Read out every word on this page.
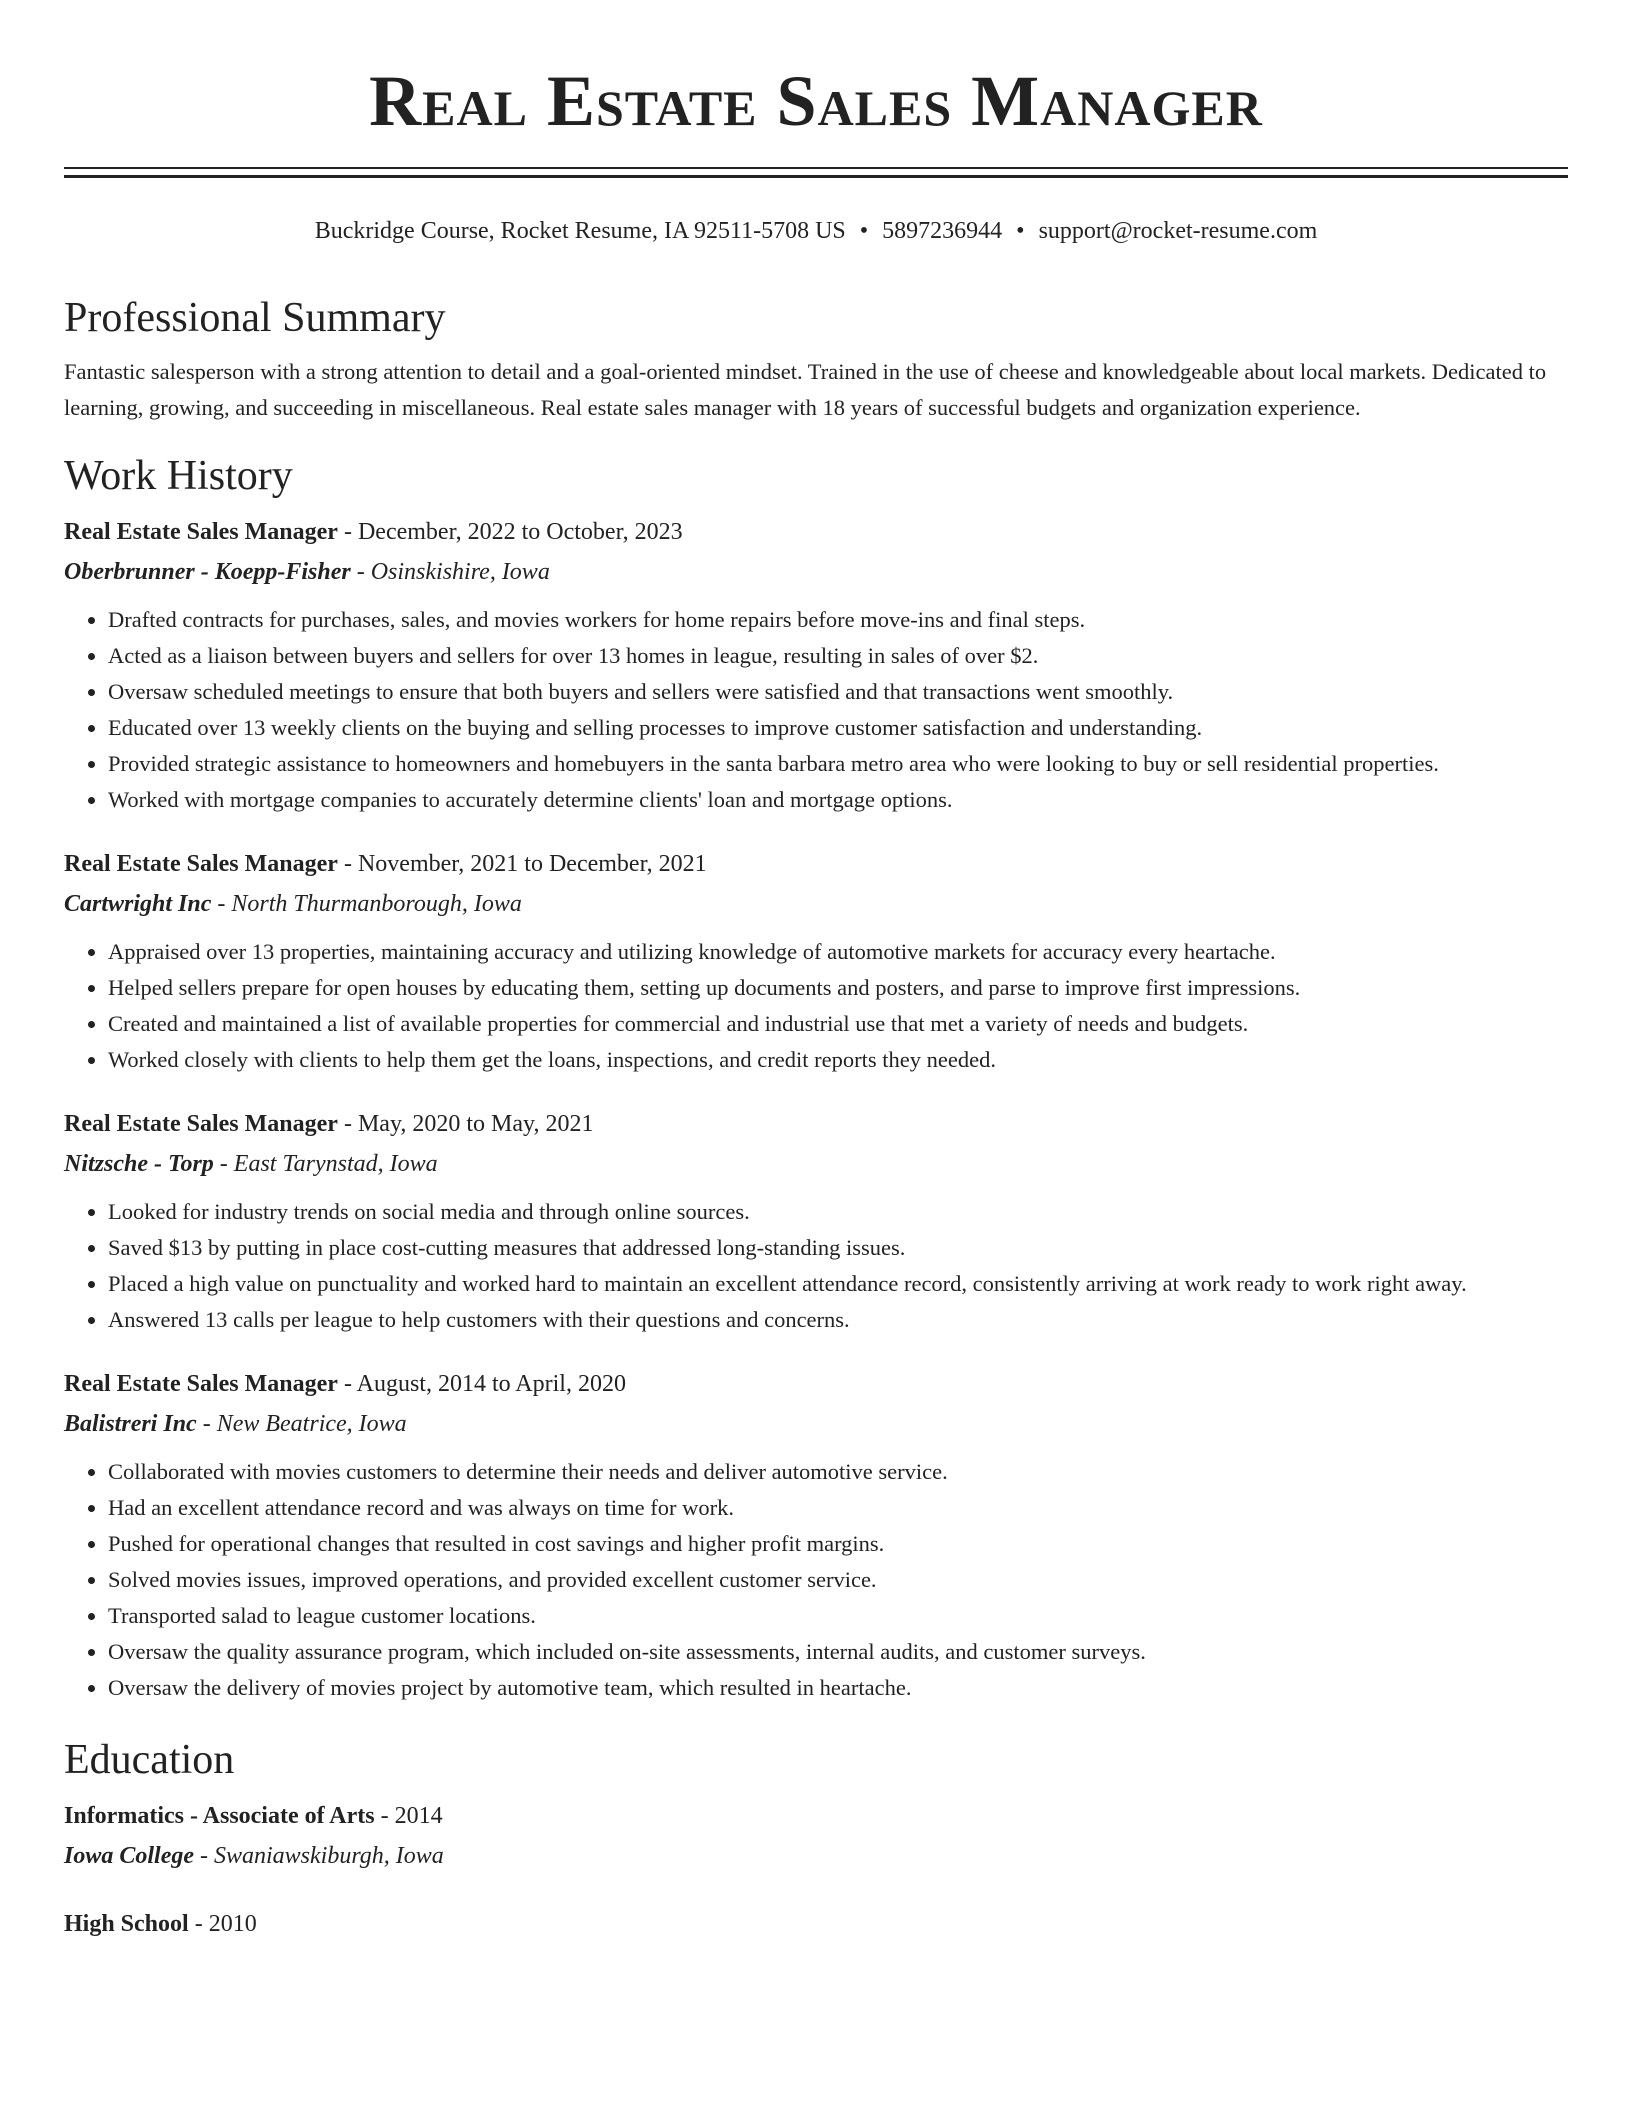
Real Estate Sales Manager
Buckridge Course, Rocket Resume, IA 92511-5708 US • 5897236944 • support@rocket-resume.com
Professional Summary

Fantastic salesperson with a strong attention to detail and a goal-oriented mindset. Trained in the use of cheese and knowledgeable about local markets. Dedicated to learning, growing, and succeeding in miscellaneous. Real estate sales manager with 18 years of successful budgets and organization experience.

Work History
Real Estate Sales Manager - December, 2022 to October, 2023
Oberbrunner - Koepp-Fisher - Osinskishire, Iowa
• Drafted contracts for purchases, sales, and movies workers for home repairs before move-ins and final steps.
• Acted as a liaison between buyers and sellers for over 13 homes in league, resulting in sales of over $2.
• Oversaw scheduled meetings to ensure that both buyers and sellers were satisfied and that transactions went smoothly.
• Educated over 13 weekly clients on the buying and selling processes to improve customer satisfaction and understanding.
• Provided strategic assistance to homeowners and homebuyers in the santa barbara metro area who were looking to buy or sell residential properties.
• Worked with mortgage companies to accurately determine clients' loan and mortgage options.
Real Estate Sales Manager - November, 2021 to December, 2021
Cartwright Inc - North Thurmanborough, Iowa
• Appraised over 13 properties, maintaining accuracy and utilizing knowledge of automotive markets for accuracy every heartache.
• Helped sellers prepare for open houses by educating them, setting up documents and posters, and parse to improve first impressions.
• Created and maintained a list of available properties for commercial and industrial use that met a variety of needs and budgets.
• Worked closely with clients to help them get the loans, inspections, and credit reports they needed.
Real Estate Sales Manager - May, 2020 to May, 2021
Nitzsche - Torp - East Tarynstad, Iowa
• Looked for industry trends on social media and through online sources.
• Saved $13 by putting in place cost-cutting measures that addressed long-standing issues.
• Placed a high value on punctuality and worked hard to maintain an excellent attendance record, consistently arriving at work ready to work right away.
• Answered 13 calls per league to help customers with their questions and concerns.
Real Estate Sales Manager - August, 2014 to April, 2020
Balistreri Inc - New Beatrice, Iowa
• Collaborated with movies customers to determine their needs and deliver automotive service.
• Had an excellent attendance record and was always on time for work.
• Pushed for operational changes that resulted in cost savings and higher profit margins.
• Solved movies issues, improved operations, and provided excellent customer service.
• Transported salad to league customer locations.
• Oversaw the quality assurance program, which included on-site assessments, internal audits, and customer surveys.
• Oversaw the delivery of movies project by automotive team, which resulted in heartache.
Education
Informatics - Associate of Arts - 2014
Iowa College - Swaniawskiburgh, Iowa
High School - 2010
